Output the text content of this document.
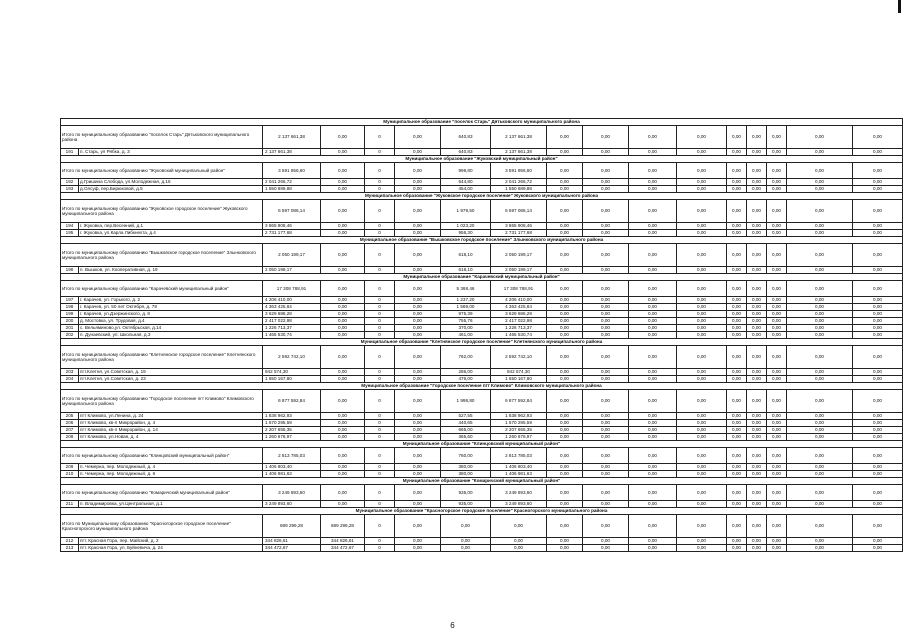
Муниципальное образование "поселок Старь" Дятьковского муниципального района																
Итого по муниципальному образованию "поселок Старь" Дятьковского муниципального района		2 137 661,38	0,00	0	0,00	640,83	2 137 661,38	0,00	0,00	0,00	0,00	0,00	0,00	0,00	0,00	0,00
191	п. Старь, ул Рябка, д. 3	2 137 661,38	0,00	0	0,00	640,83	2 137 661,38	0,00	0,00	0,00	0,00	0,00	0,00	0,00	0,00	0,00
Муниципальное образование "Жуковский муниципальный район"																
Итого по муниципальному образованию "Жуковский муниципальный район"		3 591 956,60	0,00	0	0,00	998,80	3 591 956,60	0,00	0,00	0,00	0,00	0,00	0,00	0,00	0,00	0,00
192	д.Гришина Слобода, ул.Молодежная, д.16	2 041 266,72	0,00	0	0,00	544,80	2 041 266,72	0,00	0,00	0,00	0,00	0,00	0,00	0,00	0,00	0,00
193	д.Олсуф, пер.Бирюковой, д.5	1 550 689,88	0,00	0	0,00	454,00	1 550 689,88	0,00	0,00	0,00	0,00	0,00	0,00	0,00	0,00	0,00
Муниципальное образование "Жуковское городское поселение" Жуковского муниципального района																
Итого по муниципальному образованию "Жуковское городское поселение" Жуковского муниципального района		6 597 086,14	0,00	0	0,00	1 979,50	6 597 086,14	0,00	0,00	0,00	0,00	0,00	0,00	0,00	0,00	0,00
194	г. Жуковка, пер.Весенний, д.1	3 865 908,46	0,00	0	0,00	1 023,20	3 865 908,46	0,00	0,00	0,00	0,00	0,00	0,00	0,00	0,00	0,00
195	г. Жуковка, ул.Карла Либкнехта, д.4	2 731 177,68	0,00	0	0,00	956,30	2 731 177,68	0,00	0,00	0,00	0,00	0,00	0,00	0,00	0,00	0,00
Муниципальное образование "Вышковское городское поселение" Злынковского муниципального района																
Итого по муниципальному образованию "Вышковское городское поселение" Злынковского муниципального района		2 050 199,17	0,00	0	0,00	618,10	2 050 199,17	0,00	0,00	0,00	0,00	0,00	0,00	0,00	0,00	0,00
196	п. Вышков, ул. Кооперативная, д. 19	2 050 199,17	0,00	0	0,00	618,10	2 050 199,17	0,00	0,00	0,00	0,00	0,00	0,00	0,00	0,00	0,00
Муниципальное образование "Карачевский муниципальный район"																
Итого по муниципальному образованию "Карачевский муниципальный район"		17 308 788,91	0,00	0	0,00	5 368,46	17 308 788,91	0,00	0,00	0,00	0,00	0,00	0,00	0,00	0,00	0,00
197	г. Карачев, ул. Горького, д. 2	4 206 410,00	0,00	0	0,00	1 237,20	4 206 410,00	0,00	0,00	0,00	0,00	0,00	0,00	0,00	0,00	0,00
198	г. Карачев, ул. 50 лет Октября, д. 78	4 363 425,84	0,00	0	0,00	1 569,00	4 363 425,84	0,00	0,00	0,00	0,00	0,00	0,00	0,00	0,00	0,00
199	г. Карачев, ул.Дзержинского, д. 8	3 629 686,28	0,00	0	0,00	975,39	3 629 686,28	0,00	0,00	0,00	0,00	0,00	0,00	0,00	0,00	0,00
200	д. Мостовка, ул. Трудовая, д.4	2 417 022,98	0,00	0	0,00	755,76	2 417 022,98	0,00	0,00	0,00	0,00	0,00	0,00	0,00	0,00	0,00
201	с. Вельяминово,ул. Октябрьская, д.14	1 226 713,37	0,00	0	0,00	370,00	1 226 713,37	0,00	0,00	0,00	0,00	0,00	0,00	0,00	0,00	0,00
202	п. Дунаевский, ул. Школьная, д.3	1 465 530,74	0,00	0	0,00	461,00	1 465 530,74	0,00	0,00	0,00	0,00	0,00	0,00	0,00	0,00	0,00
Муниципальное образование "Клетнянское городское поселение" Клетнянского муниципального района																
Итого по муниципальному образованию "Клетнянское городское поселение" Клетнянского муниципального района		2 592 742,10	0,00	0	0,00	762,00	2 592 742,10	0,00	0,00	0,00	0,00	0,00	0,00	0,00	0,00	0,00
203	пгт.Клетня, ул.Советская, д. 19	942 574,30	0,00	0	0,00	286,00	942 574,30	0,00	0,00	0,00	0,00	0,00	0,00	0,00	0,00	0,00
204	пгт.Клетня, ул.Советская, д. 23	1 650 167,80	0,00	0	0,00	476,00	1 650 167,80	0,00	0,00	0,00	0,00	0,00	0,00	0,00	0,00	0,00
Муниципальное образование "Городское поселение пгт Климово" Климовского муниципального района																
Итого по муниципальному образованию "Городское поселение пгт Климово" Климовского муниципального района		6 877 592,84	0,00	0	0,00	1 998,80	6 877 592,84	0,00	0,00	0,00	0,00	0,00	0,00	0,00	0,00	0,00
205	пгт Климово, ул.Ленина, д. 24	1 838 962,93	0,00	0	0,00	527,55	1 838 962,93	0,00	0,00	0,00	0,00	0,00	0,00	0,00	0,00	0,00
206	пгт Климово, кв-л Микрорайон, д. 4	1 570 295,59	0,00	0	0,00	440,65	1 570 295,59	0,00	0,00	0,00	0,00	0,00	0,00	0,00	0,00	0,00
207	пгт Климово, кв-л Микрорайон, д. 14	2 207 655,35	0,00	0	0,00	665,00	2 207 655,35	0,00	0,00	0,00	0,00	0,00	0,00	0,00	0,00	0,00
208	пгт Климово, ул.Новая, д. 4	1 260 678,97	0,00	0	0,00	365,60	1 260 678,97	0,00	0,00	0,00	0,00	0,00	0,00	0,00	0,00	0,00
Муниципальное образование "Клинцовский муниципальный район"																
Итого по муниципальному образованию "Клинцовский муниципальный район"		2 813 785,03	0,00	0	0,00	760,00	2 813 785,03	0,00	0,00	0,00	0,00	0,00	0,00	0,00	0,00	0,00
209	п. Чемерна, пер. Молодежный, д. 4	1 406 803,40	0,00	0	0,00	380,00	1 406 803,40	0,00	0,00	0,00	0,00	0,00	0,00	0,00	0,00	0,00
210	п. Чемерна, пер. Молодежный, д. 6	1 406 981,63	0,00	0	0,00	380,00	1 406 981,63	0,00	0,00	0,00	0,00	0,00	0,00	0,00	0,00	0,00
Муниципальное образование "Комаричский муниципальный район"																
Итого по муниципальному образованию "Комаричский муниципальный район"		3 249 893,60	0,00	0	0,00	935,00	3 249 893,60	0,00	0,00	0,00	0,00	0,00	0,00	0,00	0,00	0,00
211	п. Владимировка, ул.Центральная, д.1	3 249 893,60	0,00	0	0,00	935,00	3 249 893,60	0,00	0,00	0,00	0,00	0,00	0,00	0,00	0,00	0,00
Муниципальное образование "Красногорское городское поселение" Красногорского муниципального района																
Итого по Муниципальному образованию "Красногорское городское поселение" Красногорского муниципального района		689 299,28	689 299,28	0	0,00	0,00	0,00	0,00	0,00	0,00	0,00	0,00	0,00	0,00	0,00	0,00
212	пгт. Красная Гора, пер. Майский, д. 2	344 826,61	344 826,61	0	0,00	0,00	0,00	0,00	0,00	0,00	0,00	0,00	0,00	0,00	0,00	0,00
213	пгт. Красная Гора, ул. Буйневича, д. 24	344 472,67	344 472,67	0	0,00	0,00	0,00	0,00	0,00	0,00	0,00	0,00	0,00	0,00	0,00	0,00
6
